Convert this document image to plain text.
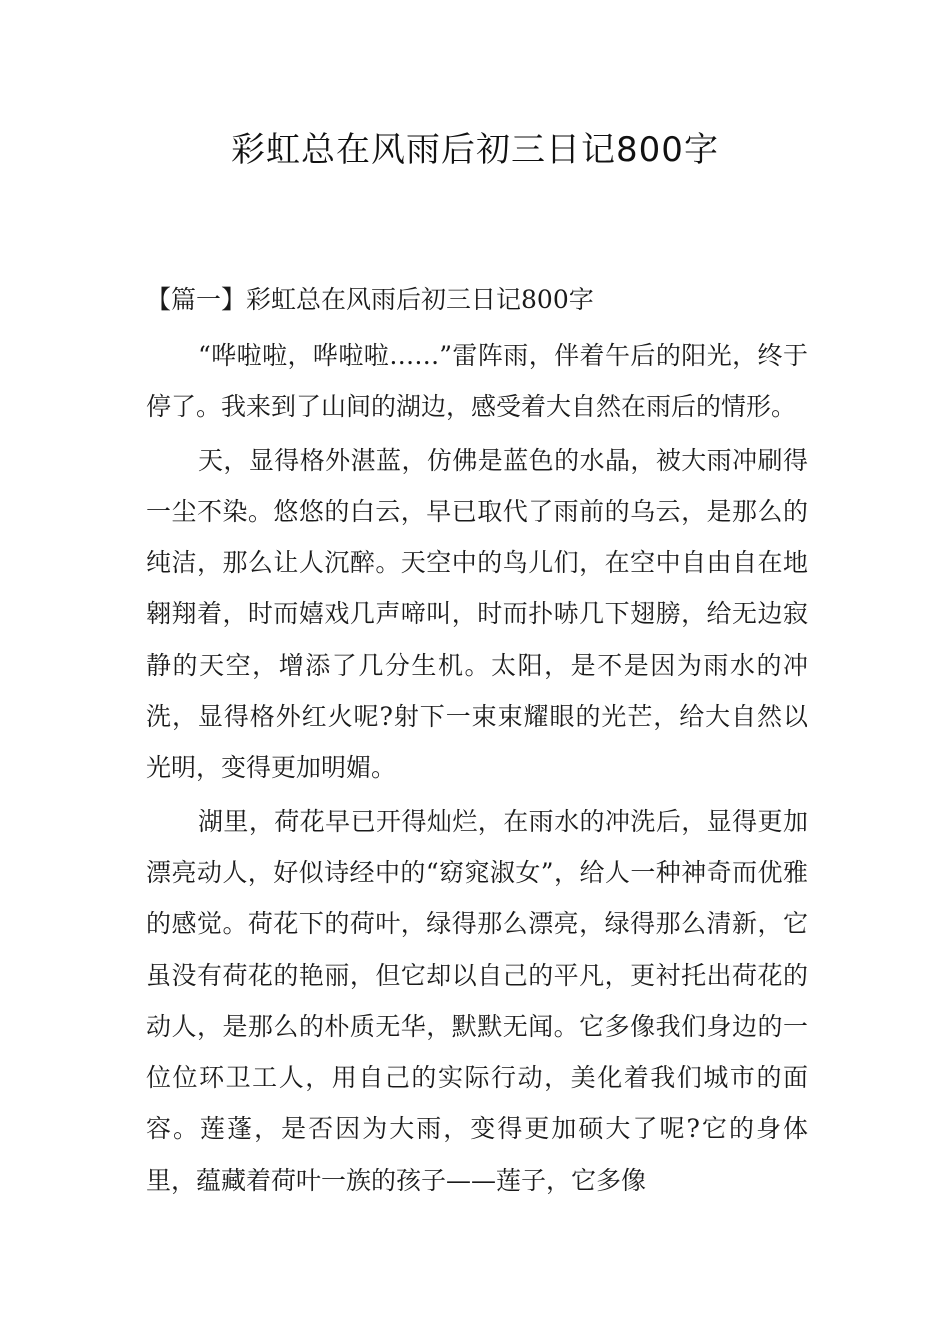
彩虹总在风雨后初三日记800字

【篇一】彩虹总在风雨后初三日记800字

“哗啦啦，哗啦啦……”雷阵雨，伴着午后的阳光，终于停了。我来到了山间的湖边，感受着大自然在雨后的情形。

天，显得格外湛蓝，仿佛是蓝色的水晶，被大雨冲刷得一尘不染。悠悠的白云，早已取代了雨前的乌云，是那么的纯洁，那么让人沉醉。天空中的鸟儿们，在空中自由自在地翱翔着，时而嬉戏几声啼叫，时而扑哧几下翅膀，给无边寂静的天空，增添了几分生机。太阳，是不是因为雨水的冲洗，显得格外红火呢?射下一束束耀眼的光芒，给大自然以光明，变得更加明媚。

湖里，荷花早已开得灿烂，在雨水的冲洗后，显得更加漂亮动人，好似诗经中的“窈窕淑女”，给人一种神奇而优雅的感觉。荷花下的荷叶，绿得那么漂亮，绿得那么清新，它虽没有荷花的艳丽，但它却以自己的平凡，更衬托出荷花的动人，是那么的朴质无华，默默无闻。它多像我们身边的一位位环卫工人，用自己的实际行动，美化着我们城市的面容。莲蓬，是否因为大雨，变得更加硕大了呢?它的身体里，蕴藏着荷叶一族的孩子——莲子，它多像
